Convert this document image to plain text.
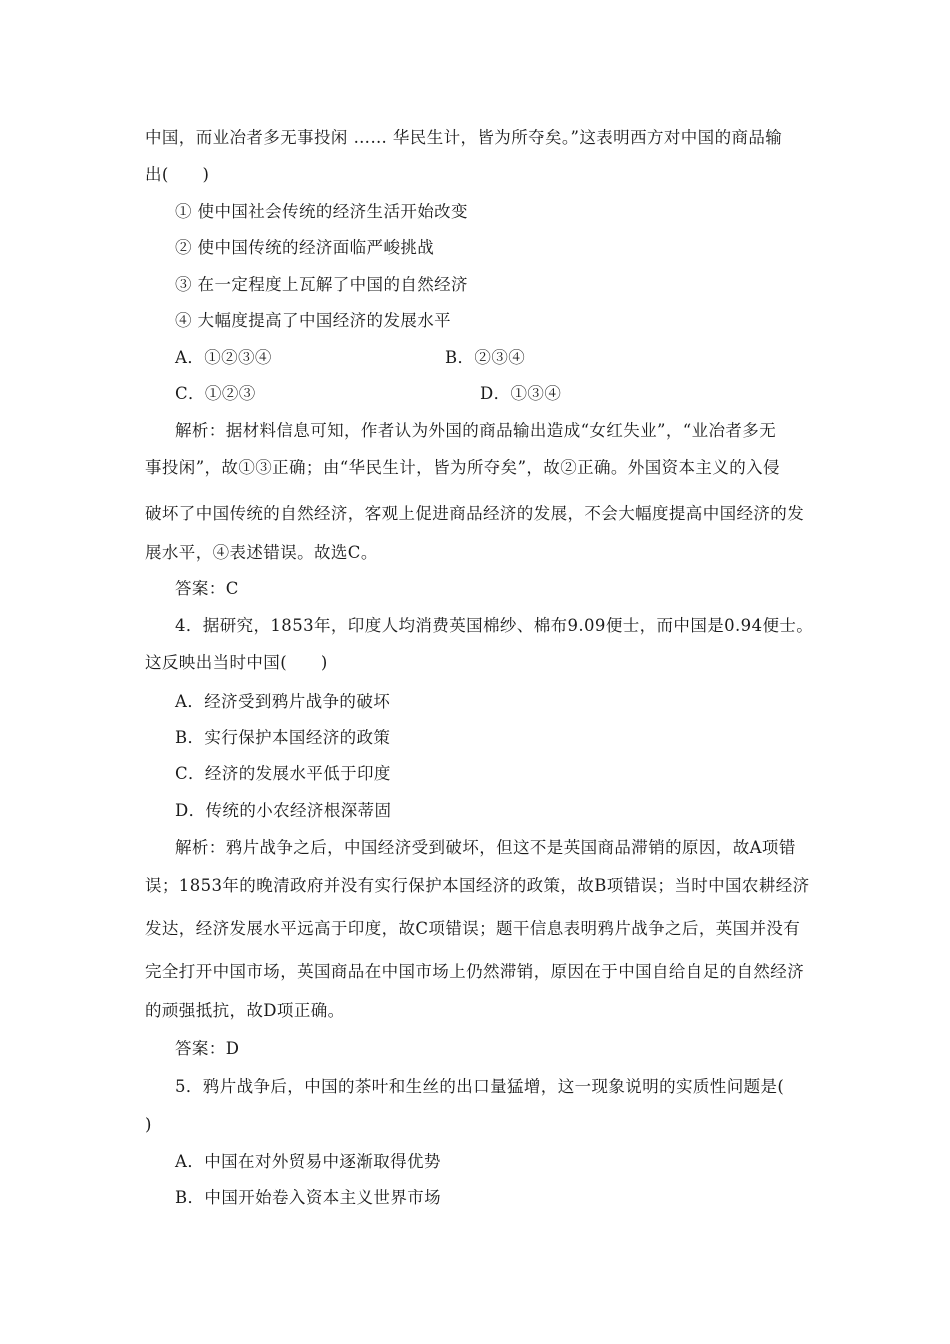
中国，而业冶者多无事投闲 …… 华民生计，皆为所夺矣。”这表明西方对中国的商品输
出(　　)
① 使中国社会传统的经济生活开始改变
② 使中国传统的经济面临严峻挑战
③ 在一定程度上瓦解了中国的自然经济
④ 大幅度提高了中国经济的发展水平
A．①②③④	B．②③④
C．①②③	D．①③④
解析：据材料信息可知，作者认为外国的商品输出造成“女红失业”，“业冶者多无
事投闲”，故①③正确；由“华民生计，皆为所夺矣”，故②正确。外国资本主义的入侵
破坏了中国传统的自然经济，客观上促进商品经济的发展，不会大幅度提高中国经济的发
展水平，④表述错误。故选C。
答案：C
4．据研究，1853年，印度人均消费英国棉纱、棉布9.09便士，而中国是0.94便士。
这反映出当时中国(　　)
A．经济受到鸦片战争的破坏
B．实行保护本国经济的政策
C．经济的发展水平低于印度
D．传统的小农经济根深蒂固
解析：鸦片战争之后，中国经济受到破坏，但这不是英国商品滞销的原因，故A项错
误；1853年的晚清政府并没有实行保护本国经济的政策，故B项错误；当时中国农耕经济
发达，经济发展水平远高于印度，故C项错误；题干信息表明鸦片战争之后，英国并没有
完全打开中国市场，英国商品在中国市场上仍然滞销，原因在于中国自给自足的自然经济
的顽强抵抗，故D项正确。
答案：D
5．鸦片战争后，中国的茶叶和生丝的出口量猛增，这一现象说明的实质性问题是(
)
A．中国在对外贸易中逐渐取得优势
B．中国开始卷入资本主义世界市场
